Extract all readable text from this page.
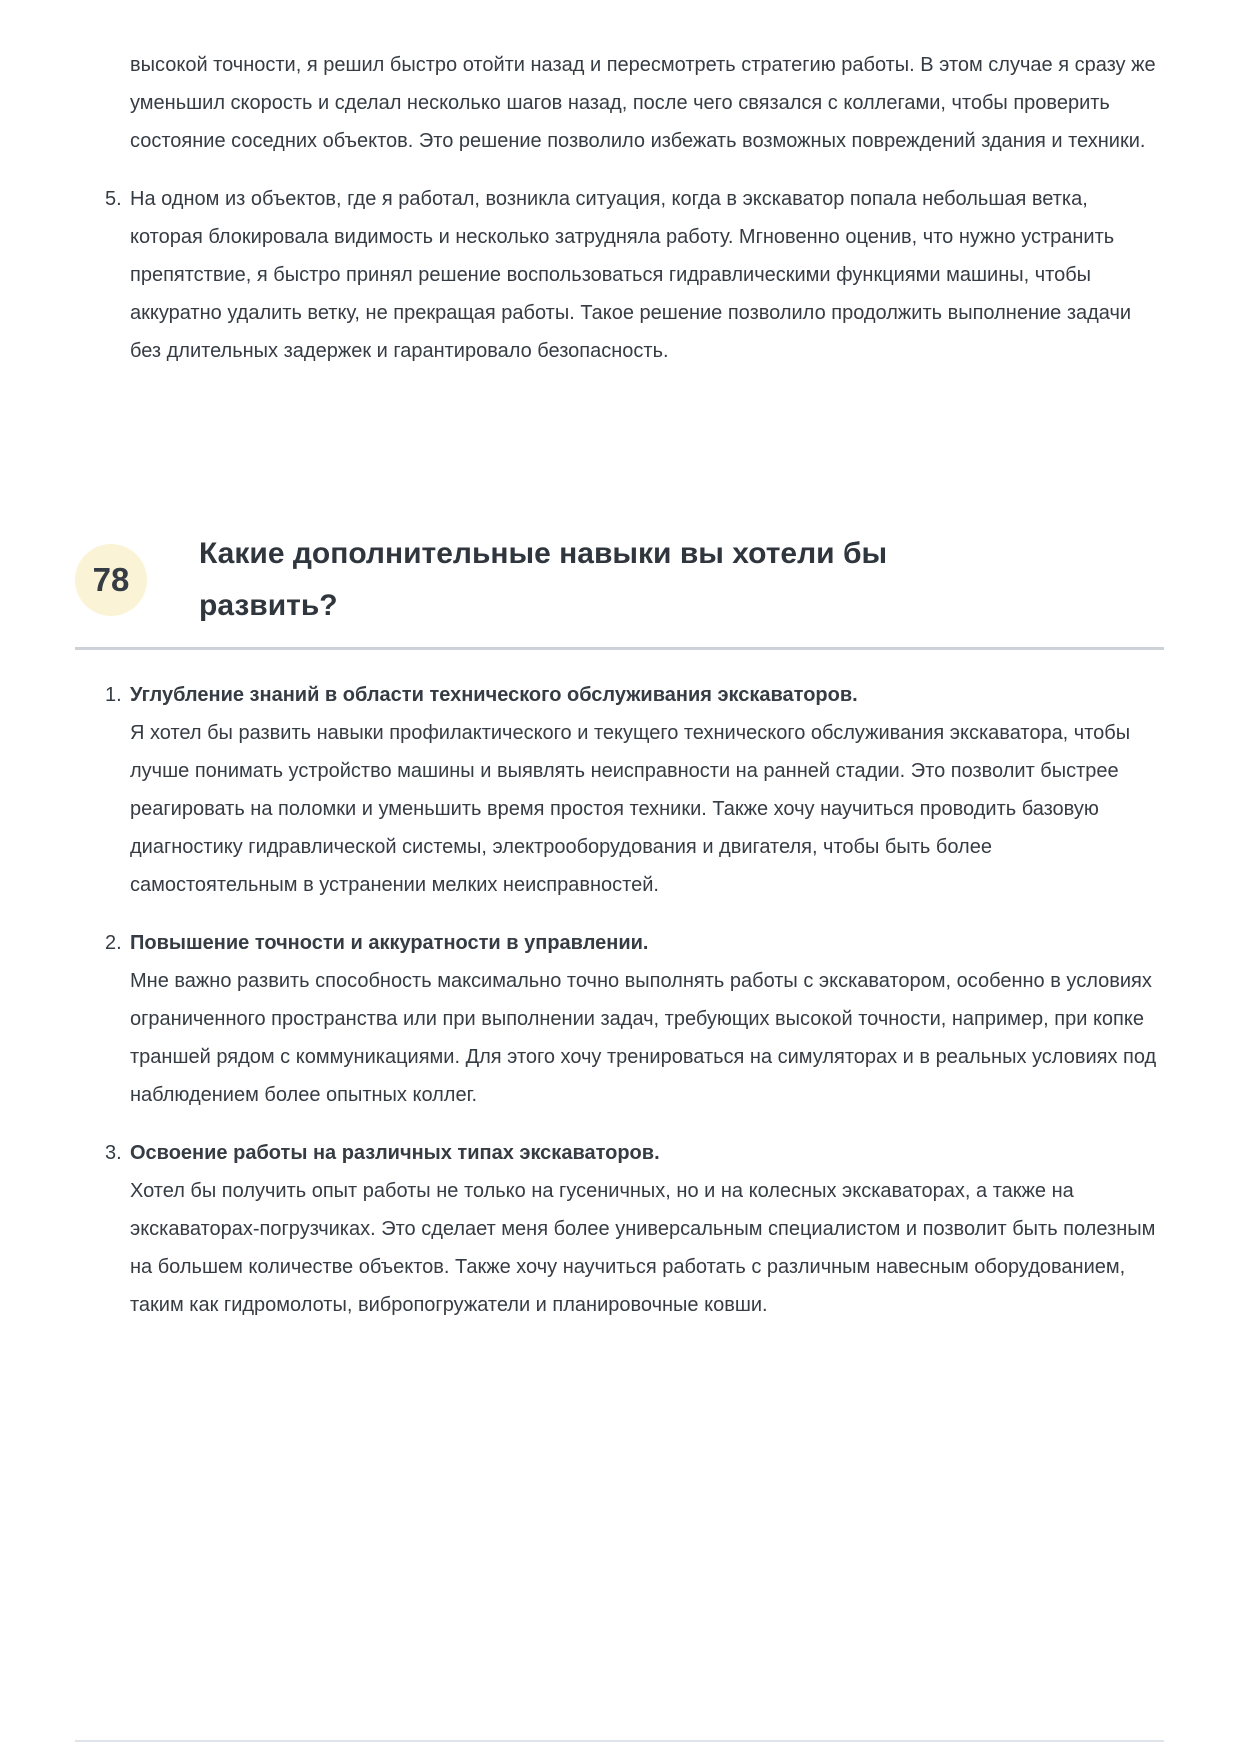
высокой точности, я решил быстро отойти назад и пересмотреть стратегию работы. В этом случае я сразу же уменьшил скорость и сделал несколько шагов назад, после чего связался с коллегами, чтобы проверить состояние соседних объектов. Это решение позволило избежать возможных повреждений здания и техники.
5. На одном из объектов, где я работал, возникла ситуация, когда в экскаватор попала небольшая ветка, которая блокировала видимость и несколько затрудняла работу. Мгновенно оценив, что нужно устранить препятствие, я быстро принял решение воспользоваться гидравлическими функциями машины, чтобы аккуратно удалить ветку, не прекращая работы. Такое решение позволило продолжить выполнение задачи без длительных задержек и гарантировало безопасность.
78
Какие дополнительные навыки вы хотели бы развить?
1. Углубление знаний в области технического обслуживания экскаваторов.
Я хотел бы развить навыки профилактического и текущего технического обслуживания экскаватора, чтобы лучше понимать устройство машины и выявлять неисправности на ранней стадии. Это позволит быстрее реагировать на поломки и уменьшить время простоя техники. Также хочу научиться проводить базовую диагностику гидравлической системы, электрооборудования и двигателя, чтобы быть более самостоятельным в устранении мелких неисправностей.
2. Повышение точности и аккуратности в управлении.
Мне важно развить способность максимально точно выполнять работы с экскаватором, особенно в условиях ограниченного пространства или при выполнении задач, требующих высокой точности, например, при копке траншей рядом с коммуникациями. Для этого хочу тренироваться на симуляторах и в реальных условиях под наблюдением более опытных коллег.
3. Освоение работы на различных типах экскаваторов.
Хотел бы получить опыт работы не только на гусеничных, но и на колесных экскаваторах, а также на экскаваторах-погрузчиках. Это сделает меня более универсальным специалистом и позволит быть полезным на большем количестве объектов. Также хочу научиться работать с различным навесным оборудованием, таким как гидромолоты, вибропогружатели и планировочные ковши.
